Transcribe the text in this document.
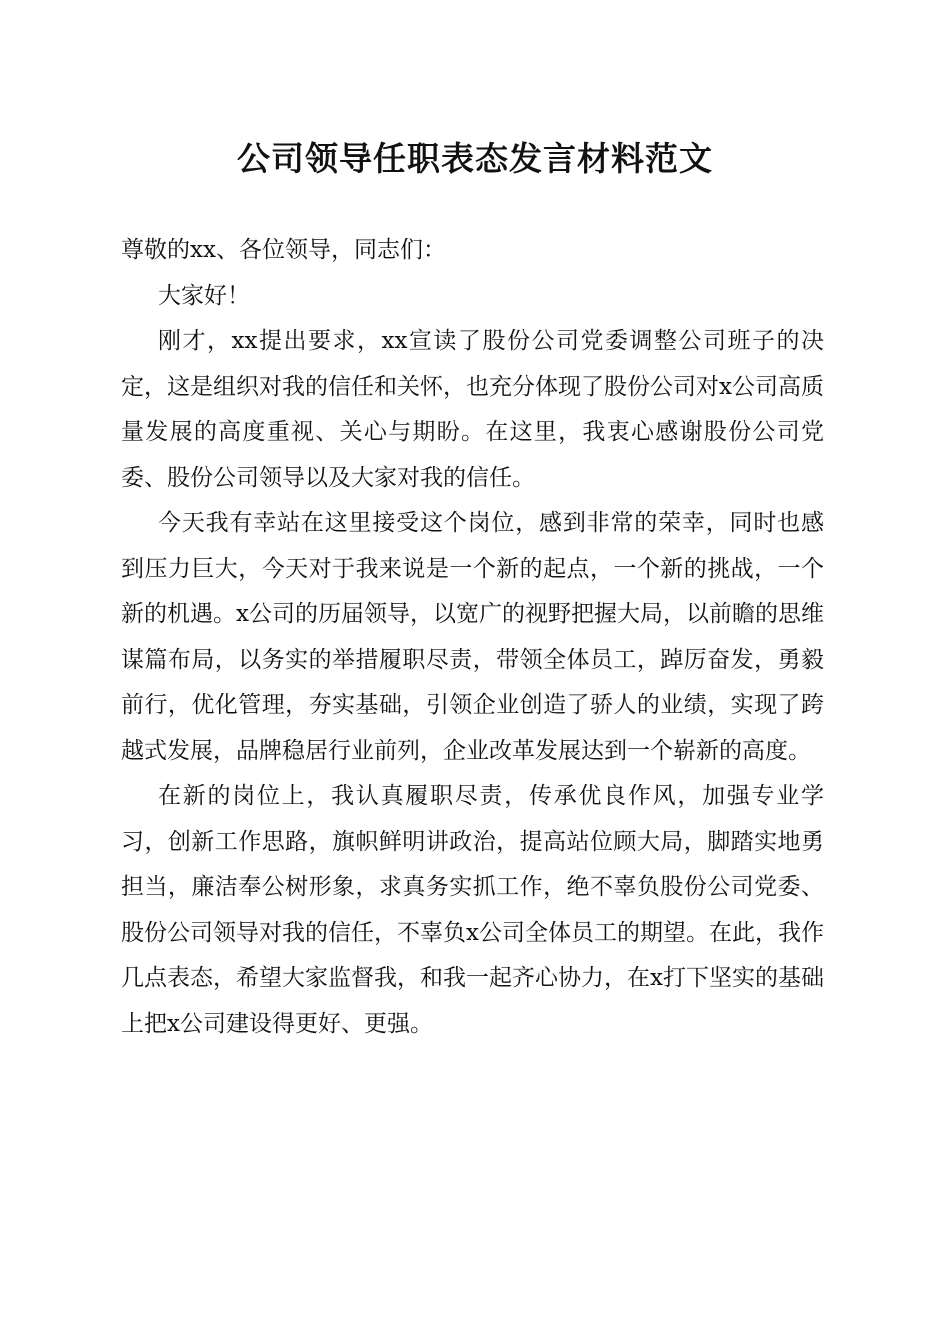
公司领导任职表态发言材料范文

尊敬的xx、各位领导，同志们：

大家好！

刚才，xx提出要求，xx宣读了股份公司党委调整公司班子的决定，这是组织对我的信任和关怀，也充分体现了股份公司对x公司高质量发展的高度重视、关心与期盼。在这里，我衷心感谢股份公司党委、股份公司领导以及大家对我的信任。

今天我有幸站在这里接受这个岗位，感到非常的荣幸，同时也感到压力巨大，今天对于我来说是一个新的起点，一个新的挑战，一个新的机遇。x公司的历届领导，以宽广的视野把握大局，以前瞻的思维谋篇布局，以务实的举措履职尽责，带领全体员工，踔厉奋发，勇毅前行，优化管理，夯实基础，引领企业创造了骄人的业绩，实现了跨越式发展，品牌稳居行业前列，企业改革发展达到一个崭新的高度。

在新的岗位上，我认真履职尽责，传承优良作风，加强专业学习，创新工作思路，旗帜鲜明讲政治，提高站位顾大局，脚踏实地勇担当，廉洁奉公树形象，求真务实抓工作，绝不辜负股份公司党委、股份公司领导对我的信任，不辜负x公司全体员工的期望。在此，我作几点表态，希望大家监督我，和我一起齐心协力，在x打下坚实的基础上把x公司建设得更好、更强。
